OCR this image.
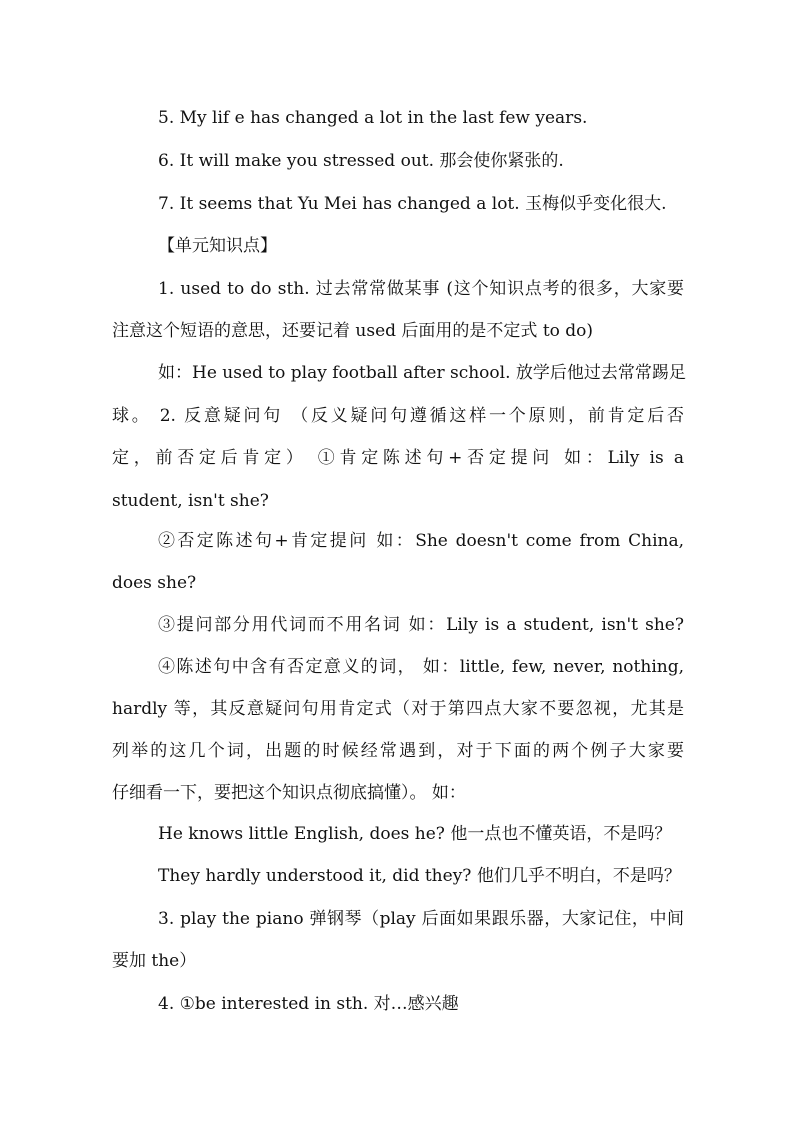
5. My lif e has changed a lot in the last few years.
6. It will make you stressed out. 那会使你紧张的.
7. It seems that Yu Mei has changed a lot. 玉梅似乎变化很大.
【单元知识点】
1. used to do sth. 过去常常做某事 (这个知识点考的很多，大家要
注意这个短语的意思，还要记着 used 后面用的是不定式 to do)
如：He used to play football after school. 放学后他过去常常踢足
球。 2. 反意疑问句 （反义疑问句遵循这样一个原则，前肯定后否
定，前否定后肯定） ①肯定陈述句+否定提问 如：Lily is a
student, isn't she?
②否定陈述句+肯定提问 如：She doesn't come from China,
does she?
③提问部分用代词而不用名词 如：Lily is a student, isn't she?
④陈述句中含有否定意义的词， 如：little, few, never, nothing,
hardly 等，其反意疑问句用肯定式（对于第四点大家不要忽视，尤其是
列举的这几个词，出题的时候经常遇到，对于下面的两个例子大家要
仔细看一下，要把这个知识点彻底搞懂）。 如：
He knows little English, does he? 他一点也不懂英语，不是吗？
They hardly understood it, did they? 他们几乎不明白，不是吗？
3. play the piano 弹钢琴（play 后面如果跟乐器，大家记住，中间
要加 the）
4. ①be interested in sth. 对…感兴趣
